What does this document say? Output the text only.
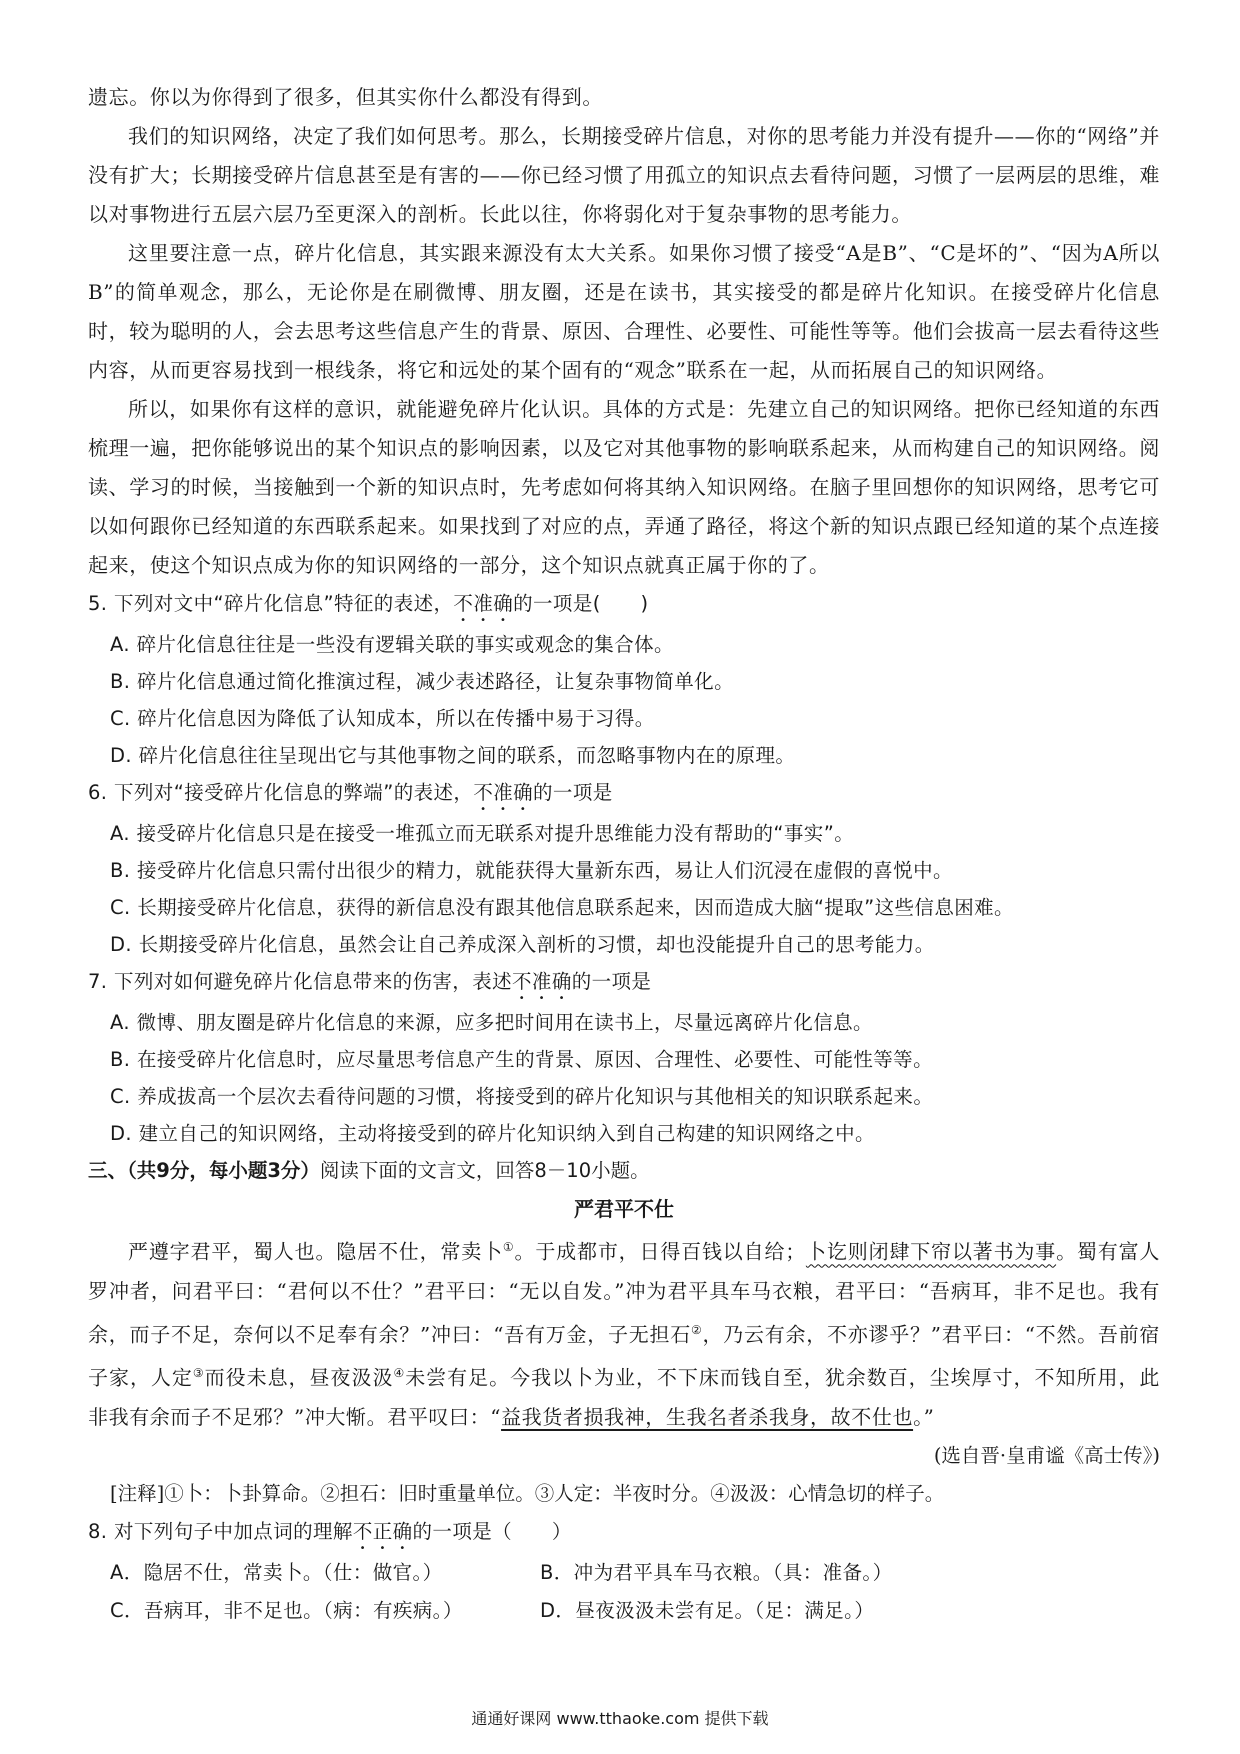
遗忘。你以为你得到了很多，但其实你什么都没有得到。

我们的知识网络，决定了我们如何思考。那么，长期接受碎片信息，对你的思考能力并没有提升——你的“网络”并没有扩大；长期接受碎片信息甚至是有害的——你已经习惯了用孤立的知识点去看待问题，习惯了一层两层的思维，难以对事物进行五层六层乃至更深入的剖析。长此以往，你将弱化对于复杂事物的思考能力。

这里要注意一点，碎片化信息，其实跟来源没有太大关系。如果你习惯了接受“A是B”、“C是坏的”、“因为A所以B”的简单观念，那么，无论你是在刷微博、朋友圈，还是在读书，其实接受的都是碎片化知识。在接受碎片化信息时，较为聪明的人，会去思考这些信息产生的背景、原因、合理性、必要性、可能性等等。他们会拔高一层去看待这些内容，从而更容易找到一根线条，将它和远处的某个固有的“观念”联系在一起，从而拓展自己的知识网络。

所以，如果你有这样的意识，就能避免碎片化认识。具体的方式是：先建立自己的知识网络。把你已经知道的东西梳理一遍，把你能够说出的某个知识点的影响因素，以及它对其他事物的影响联系起来，从而构建自己的知识网络。阅读、学习的时候，当接触到一个新的知识点时，先考虑如何将其纳入知识网络。在脑子里回想你的知识网络，思考它可以如何跟你已经知道的东西联系起来。如果找到了对应的点，弄通了路径，将这个新的知识点跟已经知道的某个点连接起来，使这个知识点成为你的知识网络的一部分，这个知识点就真正属于你的了。

5. 下列对文中“碎片化信息”特征的表述，不准确的一项是(　　)

A. 碎片化信息往往是一些没有逻辑关联的事实或观念的集合体。

B. 碎片化信息通过简化推演过程，减少表述路径，让复杂事物简单化。

C. 碎片化信息因为降低了认知成本，所以在传播中易于习得。

D. 碎片化信息往往呈现出它与其他事物之间的联系，而忽略事物内在的原理。

6. 下列对“接受碎片化信息的弊端”的表述，不准确的一项是

A. 接受碎片化信息只是在接受一堆孤立而无联系对提升思维能力没有帮助的“事实”。

B. 接受碎片化信息只需付出很少的精力，就能获得大量新东西，易让人们沉浸在虚假的喜悦中。

C. 长期接受碎片化信息，获得的新信息没有跟其他信息联系起来，因而造成大脑“提取”这些信息困难。

D. 长期接受碎片化信息，虽然会让自己养成深入剖析的习惯，却也没能提升自己的思考能力。

7. 下列对如何避免碎片化信息带来的伤害，表述不准确的一项是

A. 微博、朋友圈是碎片化信息的来源，应多把时间用在读书上，尽量远离碎片化信息。

B. 在接受碎片化信息时，应尽量思考信息产生的背景、原因、合理性、必要性、可能性等等。

C. 养成拔高一个层次去看待问题的习惯，将接受到的碎片化知识与其他相关的知识联系起来。

D. 建立自己的知识网络，主动将接受到的碎片化知识纳入到自己构建的知识网络之中。

三、（共9分，每小题3分）阅读下面的文言文，回答8－10小题。

严君平不仕

严遵字君平，蜀人也。隐居不仕，常卖卜①。于成都市，日得百钱以自给；卜讫则闭肆下帘以著书为事。蜀有富人罗冲者，问君平曰：“君何以不仕？”君平曰：“无以自发。”冲为君平具车马衣粮，君平曰：“吾病耳，非不足也。我有余，而子不足，奈何以不足奉有余？”冲曰：“吾有万金，子无担石②，乃云有余，不亦谬乎？”君平曰：“不然。吾前宿子家，人定③而役未息，昼夜汲汲④未尝有足。今我以卜为业，不下床而钱自至，犹余数百，尘埃厚寸，不知所用，此非我有余而子不足邪？”冲大惭。君平叹曰：“益我货者损我神，生我名者杀我身，故不仕也。”

(选自晋·皇甫谧《高士传》)

[注释]①卜：卜卦算命。②担石：旧时重量单位。③人定：半夜时分。④汲汲：心情急切的样子。

8. 对下列句子中加点词的理解不正确的一项是（　　）

A．隐居不仕，常卖卜。（仕：做官。）	B．冲为君平具车马衣粮。（具：准备。）
C．吾病耳，非不足也。（病：有疾病。）	D．昼夜汲汲未尝有足。（足：满足。）
通通好课网 www.tthaoke.com 提供下载
